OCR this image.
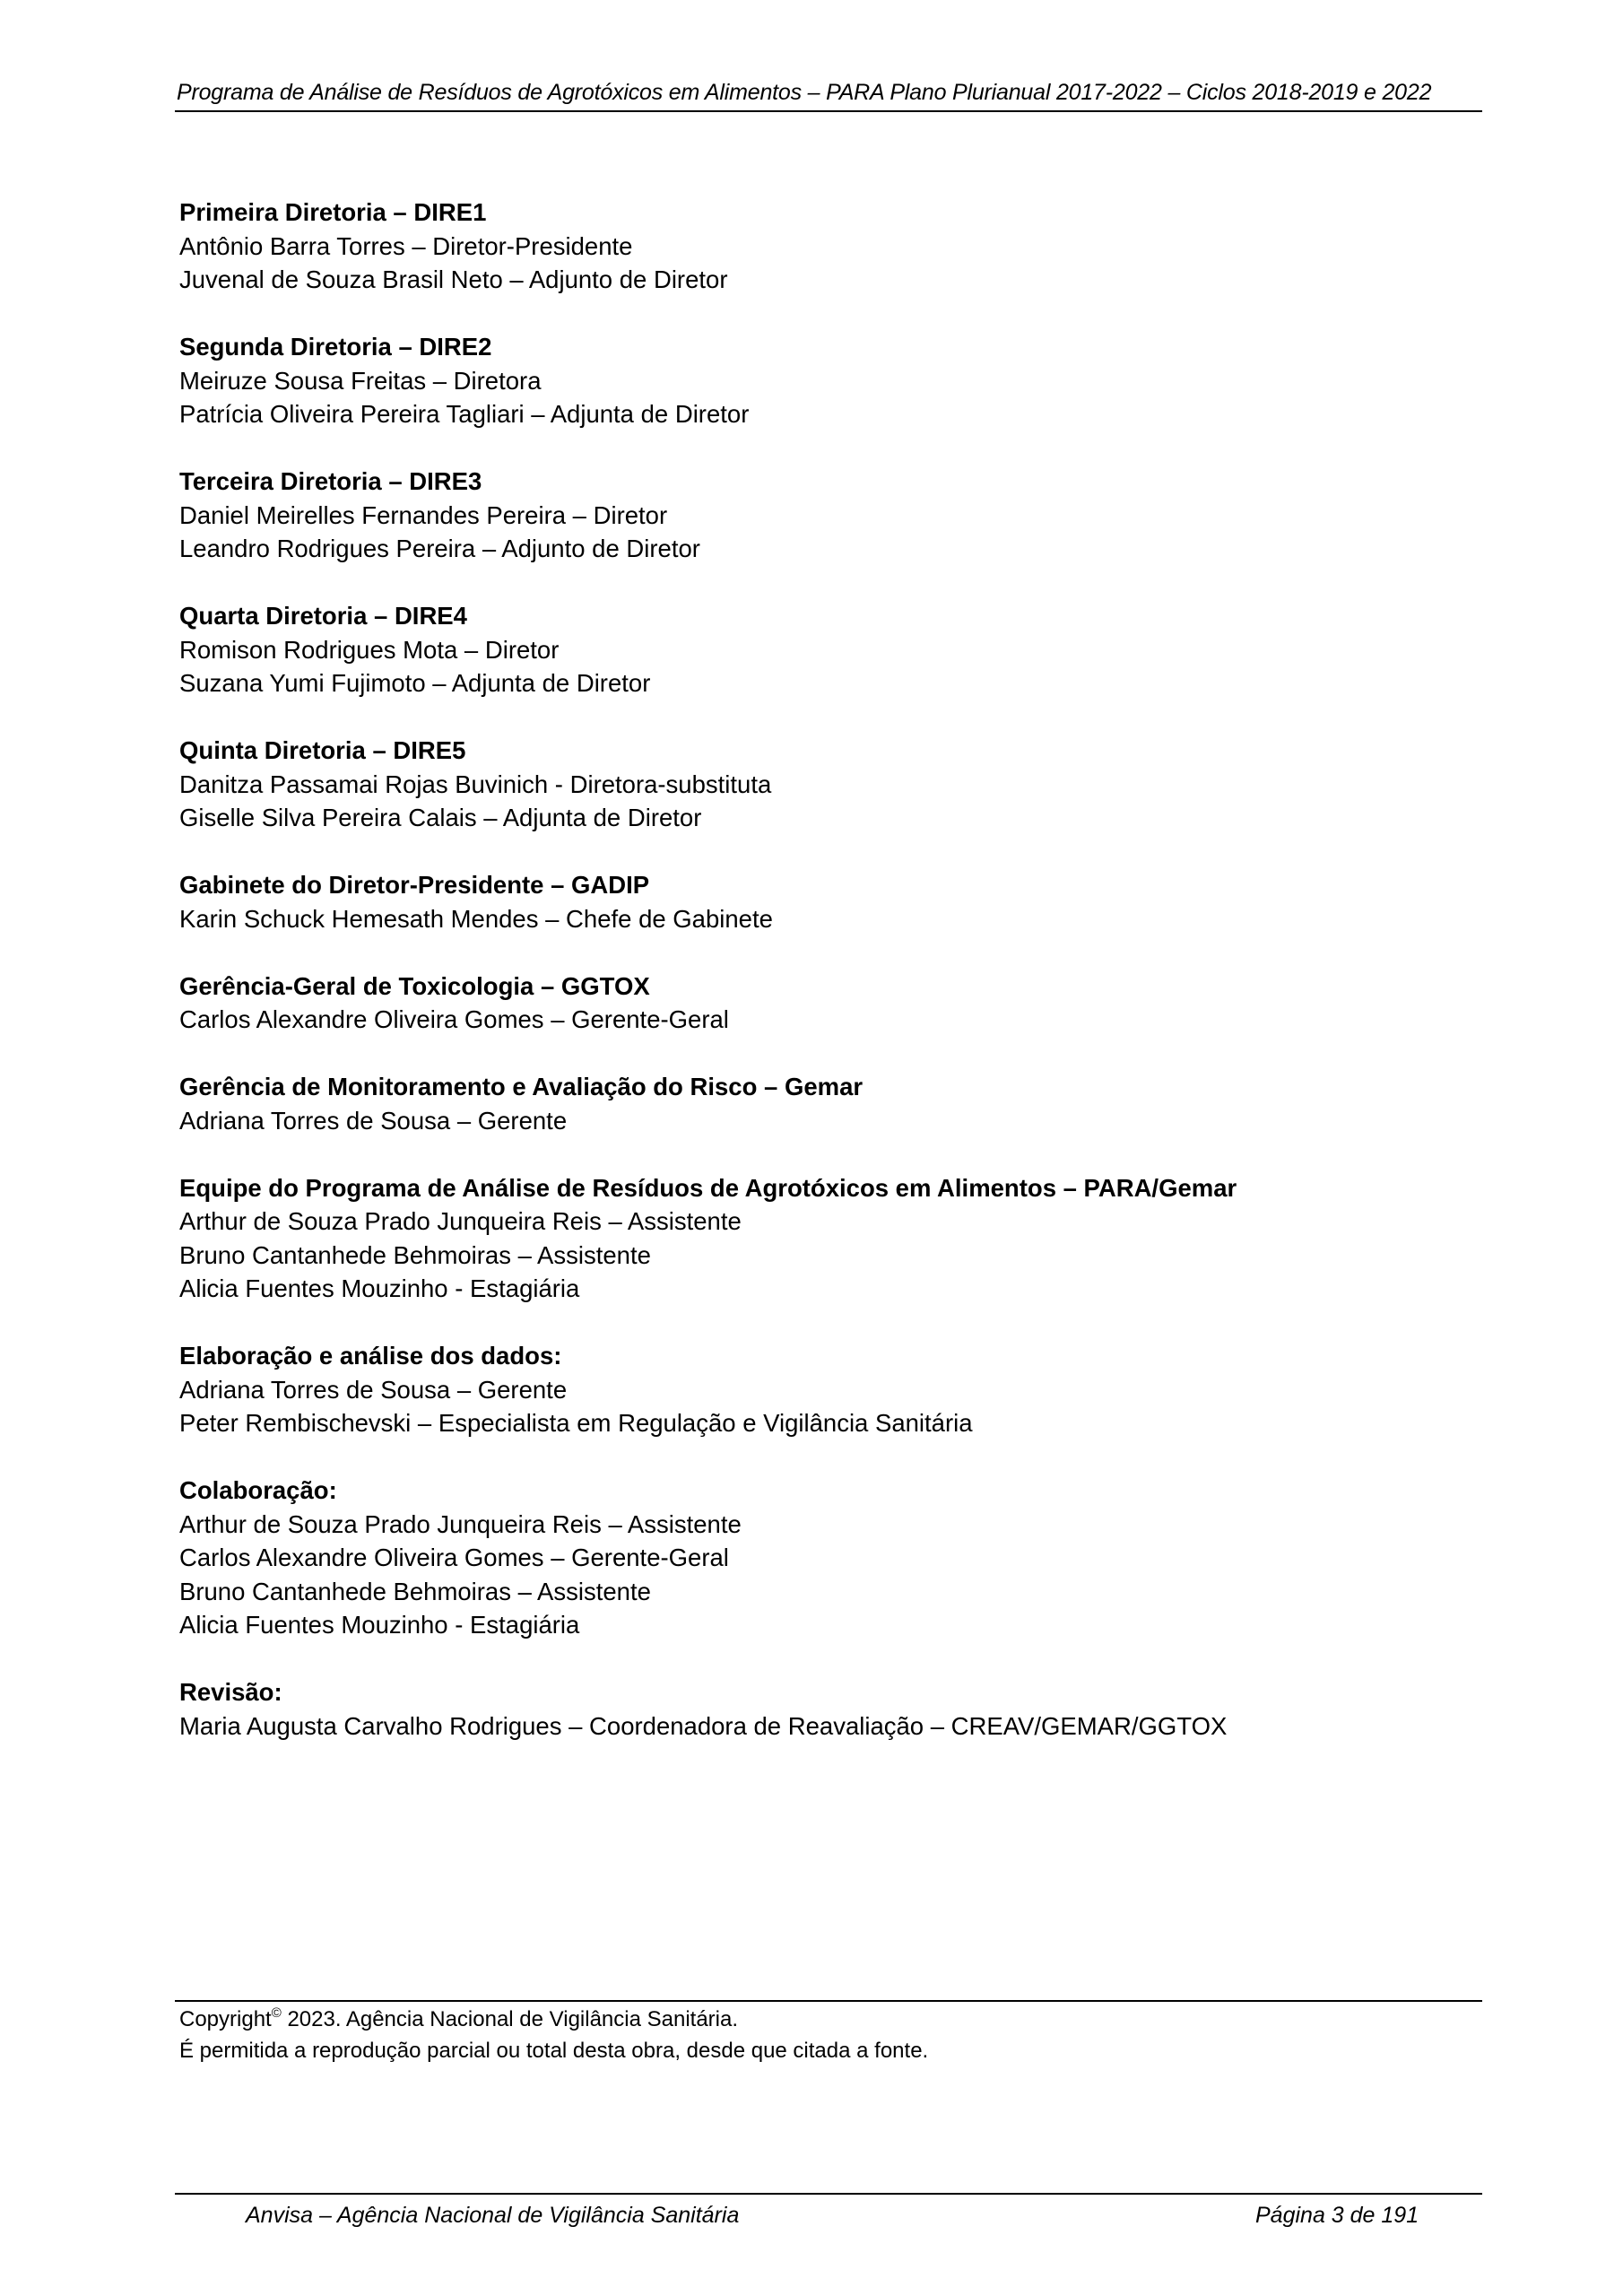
Programa de Análise de Resíduos de Agrotóxicos em Alimentos – PARA Plano Plurianual 2017-2022 – Ciclos 2018-2019 e 2022
Primeira Diretoria – DIRE1
Antônio Barra Torres – Diretor-Presidente
Juvenal de Souza Brasil Neto – Adjunto de Diretor
Segunda Diretoria – DIRE2
Meiruze Sousa Freitas – Diretora
Patrícia Oliveira Pereira Tagliari – Adjunta de Diretor
Terceira Diretoria – DIRE3
Daniel Meirelles Fernandes Pereira – Diretor
Leandro Rodrigues Pereira – Adjunto de Diretor
Quarta Diretoria – DIRE4
Romison Rodrigues Mota – Diretor
Suzana Yumi Fujimoto – Adjunta de Diretor
Quinta Diretoria – DIRE5
Danitza Passamai Rojas Buvinich - Diretora-substituta
Giselle Silva Pereira Calais – Adjunta de Diretor
Gabinete do Diretor-Presidente – GADIP
Karin Schuck Hemesath Mendes – Chefe de Gabinete
Gerência-Geral de Toxicologia – GGTOX
Carlos Alexandre Oliveira Gomes – Gerente-Geral
Gerência de Monitoramento e Avaliação do Risco – Gemar
Adriana Torres de Sousa – Gerente
Equipe do Programa de Análise de Resíduos de Agrotóxicos em Alimentos – PARA/Gemar
Arthur de Souza Prado Junqueira Reis – Assistente
Bruno Cantanhede Behmoiras – Assistente
Alicia Fuentes Mouzinho - Estagiária
Elaboração e análise dos dados:
Adriana Torres de Sousa – Gerente
Peter Rembischevski – Especialista em Regulação e Vigilância Sanitária
Colaboração:
Arthur de Souza Prado Junqueira Reis – Assistente
Carlos Alexandre Oliveira Gomes – Gerente-Geral
Bruno Cantanhede Behmoiras – Assistente
Alicia Fuentes Mouzinho - Estagiária
Revisão:
Maria Augusta Carvalho Rodrigues – Coordenadora de Reavaliação – CREAV/GEMAR/GGTOX
Copyright© 2023. Agência Nacional de Vigilância Sanitária.
É permitida a reprodução parcial ou total desta obra, desde que citada a fonte.
Anvisa – Agência Nacional de Vigilância Sanitária	Página 3 de 191
